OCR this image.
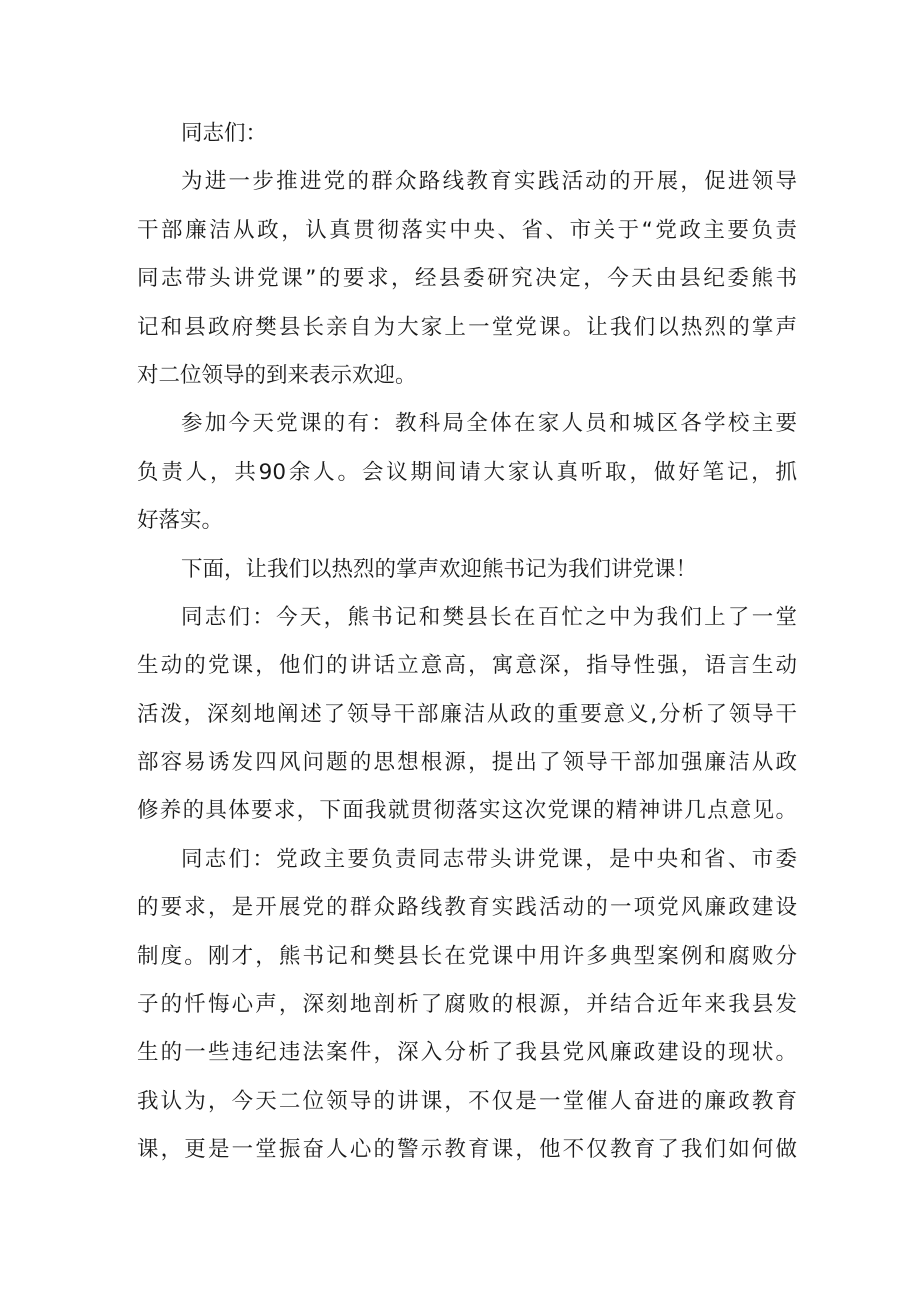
同志们：
为进一步推进党的群众路线教育实践活动的开展，促进领导
干部廉洁从政，认真贯彻落实中央、省、市关于“党政主要负责
同志带头讲党课”的要求，经县委研究决定，今天由县纪委熊书
记和县政府樊县长亲自为大家上一堂党课。让我们以热烈的掌声
对二位领导的到来表示欢迎。
参加今天党课的有：教科局全体在家人员和城区各学校主要
负责人，共90余人。会议期间请大家认真听取，做好笔记，抓
好落实。
下面，让我们以热烈的掌声欢迎熊书记为我们讲党课！
同志们：今天，熊书记和樊县长在百忙之中为我们上了一堂
生动的党课，他们的讲话立意高，寓意深，指导性强，语言生动
活泼，深刻地阐述了领导干部廉洁从政的重要意义,分析了领导干
部容易诱发四风问题的思想根源，提出了领导干部加强廉洁从政
修养的具体要求，下面我就贯彻落实这次党课的精神讲几点意见。
同志们：党政主要负责同志带头讲党课，是中央和省、市委
的要求，是开展党的群众路线教育实践活动的一项党风廉政建设
制度。刚才，熊书记和樊县长在党课中用许多典型案例和腐败分
子的忏悔心声，深刻地剖析了腐败的根源，并结合近年来我县发
生的一些违纪违法案件，深入分析了我县党风廉政建设的现状。
我认为，今天二位领导的讲课，不仅是一堂催人奋进的廉政教育
课，更是一堂振奋人心的警示教育课，他不仅教育了我们如何做
